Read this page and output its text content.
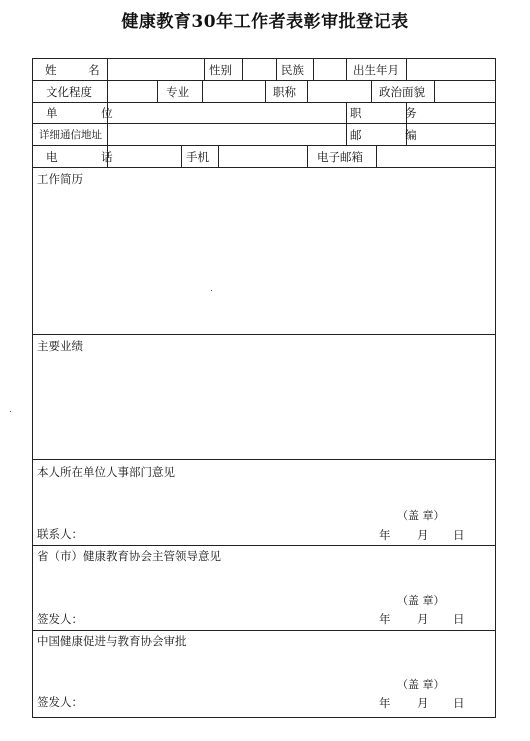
健康教育30年工作者表彰审批登记表
姓 名	性别	民族	出生年月
文化程度	专业	职称	政治面貌
单 位	职 务
详细通信地址	邮 编
电 话	手机	电子邮箱
工作简历
主要业绩
本人所在单位人事部门意见
（盖 章）
联系人：	年 月 日
省（市）健康教育协会主管领导意见
（盖 章）
签发人：	年 月 日
中国健康促进与教育协会审批
（盖 章）
签发人：	年 月 日
